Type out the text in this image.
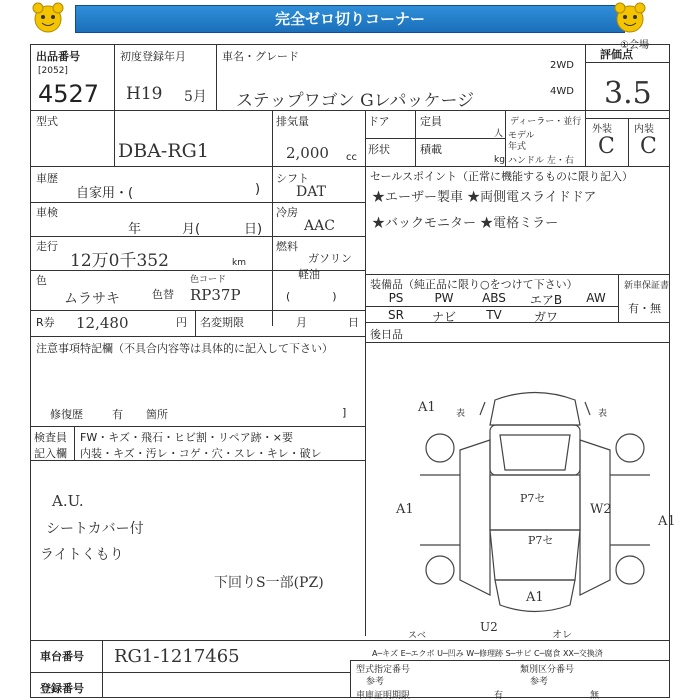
完全ゼロ切りコーナー
①会場
出品番号
[2052]
4527
初度登録年月
H19 5月
車名・グレード
ステップワゴン Gレパッケージ
2WD
4WD
評価点
3.5
外装 内装
C C
型式
DBA-RG1
排気量
2,000 cc
ドア	定員
人
形状	積載
kg
ディーラー・並行
モデル
年式
ハンドル 左・右
車歴
自家用・(	)
シフト
DAT
車検
年	月(	日)
冷房
AAC
走行
12万0千352	km
燃料
ガソリン
軽油
色
ムラサキ	色替
色コード
RP37P	(            )
R券 12,480	円 名変期限	月	日
セールスポイント（正常に機能するものに限り記入）
★エーザー製車 ★両側電スライドドア
★バックモニター ★電格ミラー
装備品（純正品に限り○をつけて下さい）	新車保証書
有・無
PS	PW	ABS	エアB	AW
SR	ナビ	TV	ガワ
後日品
注意事項特記欄（不具合内容等は具体的に記入して下さい）
修復歴	有 箇所	]
検査員
記入欄
FW・キズ・飛石・ヒビ割・リペア跡・×要
内装・キズ・汚レ・コゲ・穴・スレ・キレ・破レ
A.U.
シートカバー付
ライトくもり
下回りS一部(PZ)
A1
A1
A1
W2
P7セ
P7セ
A1
U2
オレ
表	表
スベ
A─キズ E─エクボ U─凹み W─修理跡 S─サビ C─腐食 XX─交換済
車台番号 RG1-1217465
登録番号
型式指定番号
参考
類別区分番号
参考
車庫証明期限	有	無
